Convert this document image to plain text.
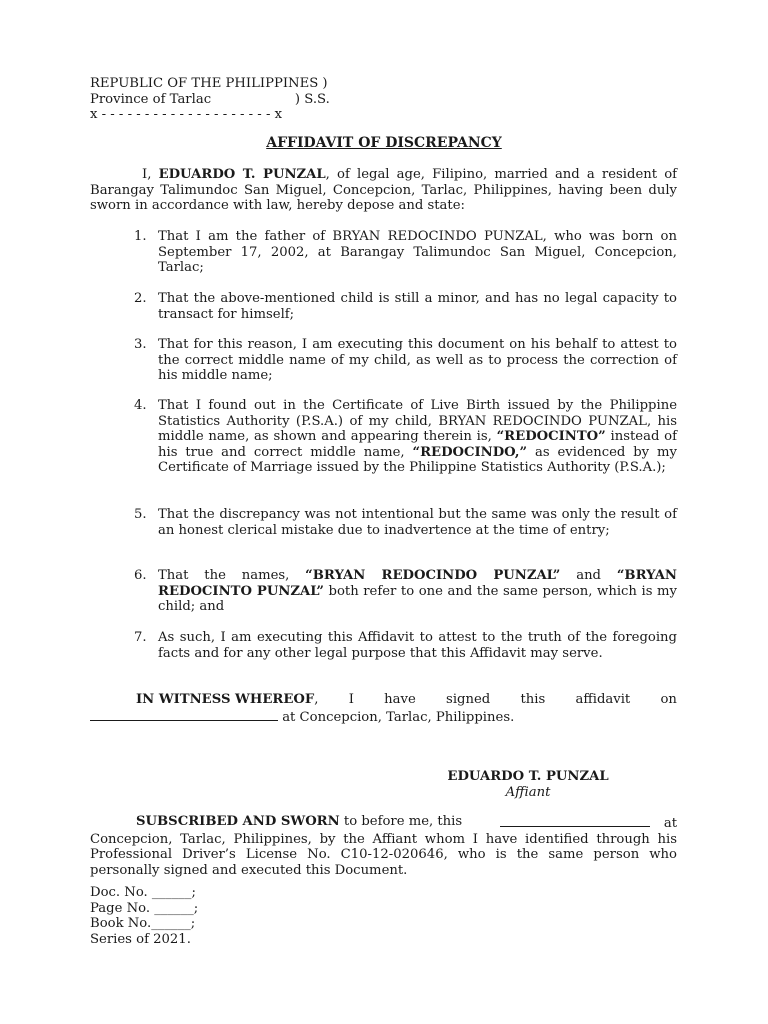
REPUBLIC OF THE PHILIPPINES )
Province of Tarlac                    ) S.S.
x - - - - - - - - - - - - - - - - - - - - x
AFFIDAVIT OF DISCREPANCY
I, EDUARDO T. PUNZAL, of legal age, Filipino, married and a resident of Barangay Talimundoc San Miguel, Concepcion, Tarlac, Philippines, having been duly sworn in accordance with law, hereby depose and state:
1. That I am the father of BRYAN REDOCINDO PUNZAL, who was born on September 17, 2002, at Barangay Talimundoc San Miguel, Concepcion, Tarlac;
2. That the above-mentioned child is still a minor, and has no legal capacity to transact for himself;
3. That for this reason, I am executing this document on his behalf to attest to the correct middle name of my child, as well as to process the correction of his middle name;
4. That I found out in the Certificate of Live Birth issued by the Philippine Statistics Authority (P.S.A.) of my child, BRYAN REDOCINDO PUNZAL, his middle name, as shown and appearing therein is, “REDOCINTO” instead of his true and correct middle name, “REDOCINDO,” as evidenced by my Certificate of Marriage issued by the Philippine Statistics Authority (P.S.A.);
5. That the discrepancy was not intentional but the same was only the result of an honest clerical mistake due to inadvertence at the time of entry;
6. That the names, “BRYAN REDOCINDO PUNZAL” and “BRYAN REDOCINTO PUNZAL” both refer to one and the same person, which is my child; and
7. As such, I am executing this Affidavit to attest to the truth of the foregoing facts and for any other legal purpose that this Affidavit may serve.
IN WITNESS WHEREOF, I have signed this affidavit on
at Concepcion, Tarlac, Philippines.
EDUARDO T. PUNZAL
Affiant
SUBSCRIBED AND SWORN to before me, this	at
Concepcion, Tarlac, Philippines, by the Affiant whom I have identified through his Professional Driver’s License No. C10-12-020646, who is the same person who personally signed and executed this Document.
Doc. No. ______;
Page No. ______;
Book No.______;
Series of 2021.
